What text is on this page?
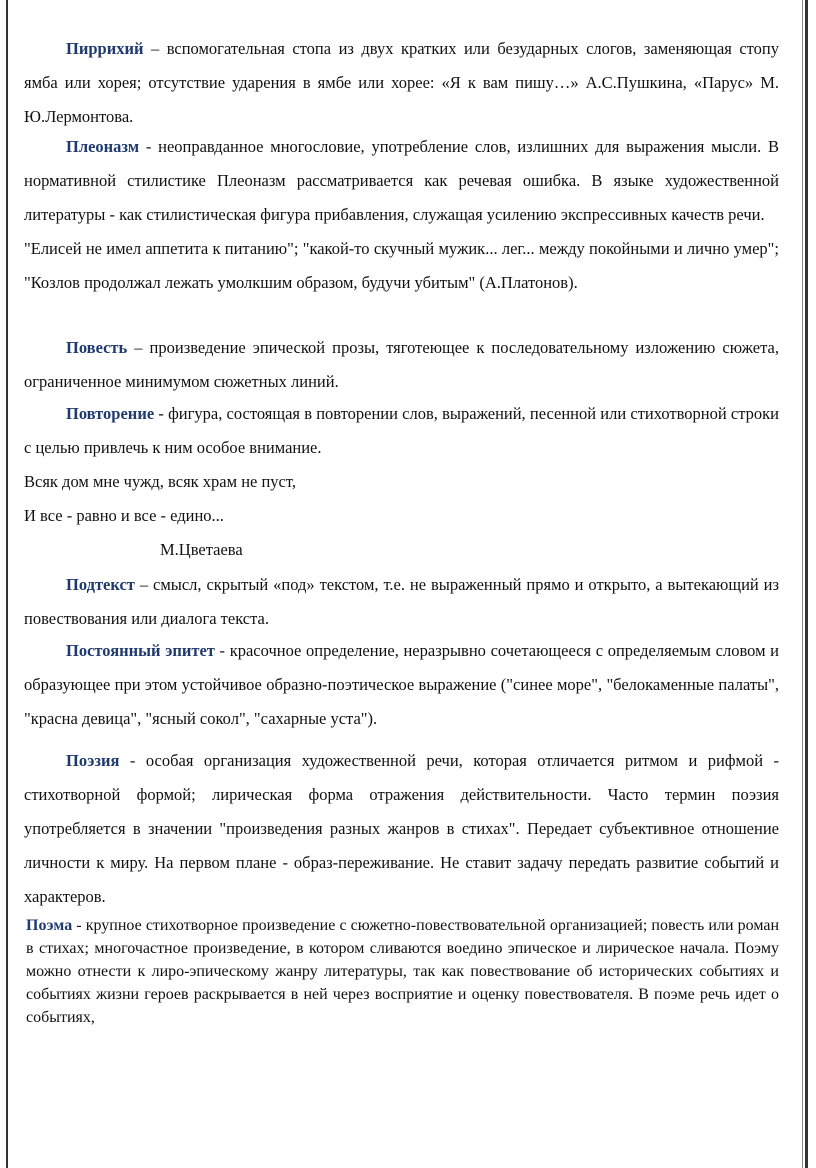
Пиррихий – вспомогательная стопа из двух кратких или безударных слогов, заменяющая стопу ямба или хорея; отсутствие ударения в ямбе или хорее: «Я к вам пишу…» А.С.Пушкина, «Парус» М. Ю.Лермонтова.

Плеоназм - неоправданное многословие, употребление слов, излишних для выражения мысли. В нормативной стилистике Плеоназм рассматривается как речевая ошибка. В языке художественной литературы - как стилистическая фигура прибавления, служащая усилению экспрессивных качеств речи.

"Елисей не имел аппетита к питанию"; "какой-то скучный мужик... лег... между покойными и лично умер"; "Козлов продолжал лежать умолкшим образом, будучи убитым" (А.Платонов).

Повесть – произведение эпической прозы, тяготеющее к последовательному изложению сюжета, ограниченное минимумом сюжетных линий.

Повторение - фигура, состоящая в повторении слов, выражений, песенной или стихотворной строки с целью привлечь к ним особое внимание.

Всяк дом мне чужд, всяк храм не пуст,

И все - равно и все - едино...

М.Цветаева

Подтекст – смысл, скрытый «под» текстом, т.е. не выраженный прямо и открыто, а вытекающий из повествования или диалога текста.

Постоянный эпитет - красочное определение, неразрывно сочетающееся с определяемым словом и образующее при этом устойчивое образно-поэтическое выражение ("синее море", "белокаменные палаты", "красна девица", "ясный сокол", "сахарные уста").

Поэзия - особая организация художественной речи, которая отличается ритмом и рифмой - стихотворной формой; лирическая форма отражения действительности. Часто термин поэзия употребляется в значении "произведения разных жанров в стихах". Передает субъективное отношение личности к миру. На первом плане - образ-переживание. Не ставит задачу передать развитие событий и характеров.

Поэма - крупное стихотворное произведение с сюжетно-повествовательной организацией; повесть или роман в стихах; многочастное произведение, в котором сливаются воедино эпическое и лирическое начала. Поэму можно отнести к лиро-эпическому жанру литературы, так как повествование об исторических событиях и событиях жизни героев раскрывается в ней через восприятие и оценку повествователя. В поэме речь идет о событиях,
